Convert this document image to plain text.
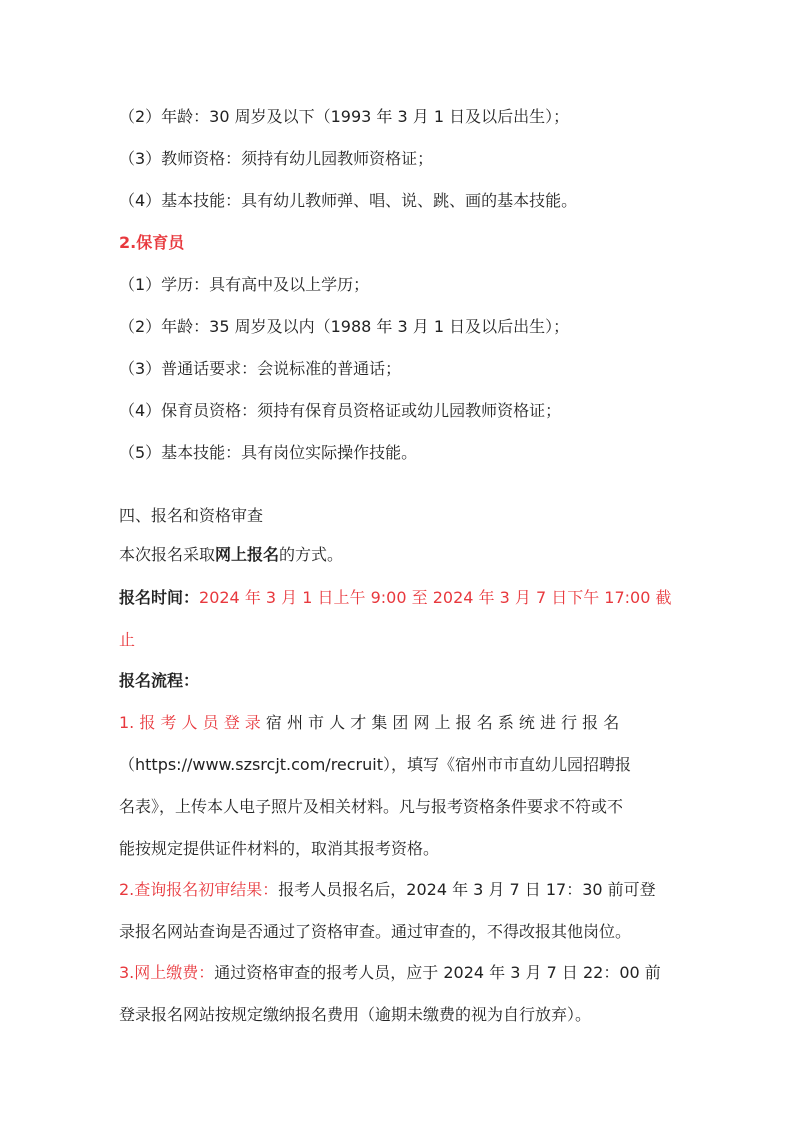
（2）年龄：30 周岁及以下（1993 年 3 月 1 日及以后出生）；
（3）教师资格：须持有幼儿园教师资格证；
（4）基本技能：具有幼儿教师弹、唱、说、跳、画的基本技能。
2.保育员
（1）学历：具有高中及以上学历；
（2）年龄：35 周岁及以内（1988 年 3 月 1 日及以后出生）；
（3）普通话要求：会说标准的普通话；
（4）保育员资格：须持有保育员资格证或幼儿园教师资格证；
（5）基本技能：具有岗位实际操作技能。
四、报名和资格审查
本次报名采取网上报名的方式。
报名时间：2024 年 3 月 1 日上午 9:00 至 2024 年 3 月 7 日下午 17:00 截
止
报名流程：
1. 报 考 人 员 登 录 宿 州 市 人 才 集 团 网 上 报 名 系 统 进 行 报 名
（https://www.szsrcjt.com/recruit），填写《宿州市市直幼儿园招聘报
名表》，上传本人电子照片及相关材料。凡与报考资格条件要求不符或不
能按规定提供证件材料的，取消其报考资格。
2.查询报名初审结果：报考人员报名后，2024 年 3 月 7 日 17：30 前可登
录报名网站查询是否通过了资格审查。通过审查的，不得改报其他岗位。
3.网上缴费：通过资格审查的报考人员，应于 2024 年 3 月 7 日 22：00 前
登录报名网站按规定缴纳报名费用（逾期未缴费的视为自行放弃）。
